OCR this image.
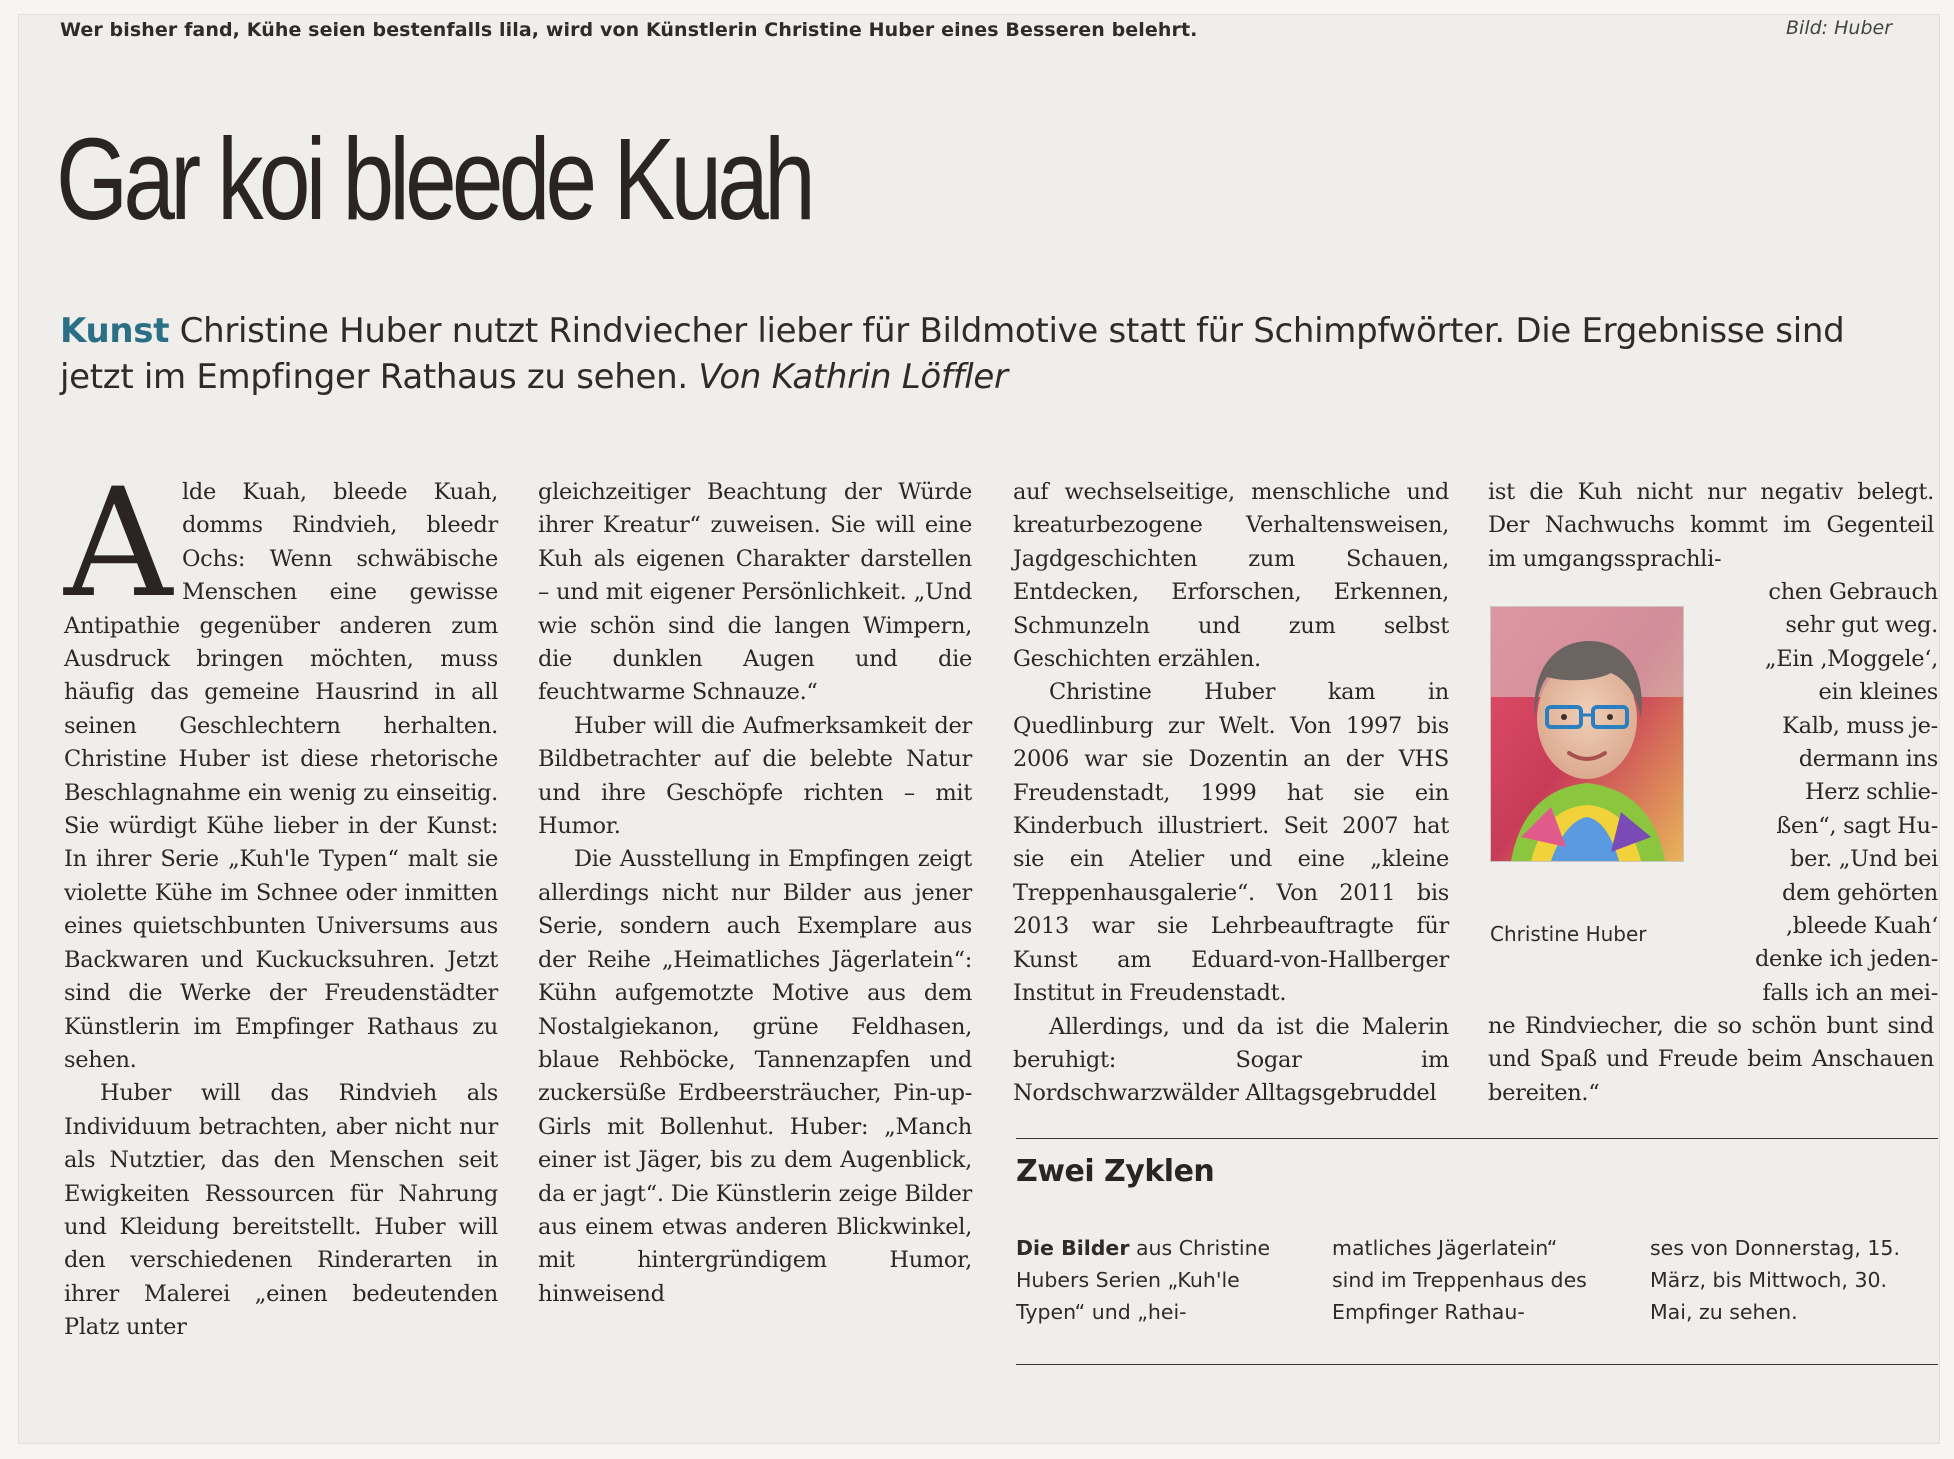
Wer bisher fand, Kühe seien bestenfalls lila, wird von Künstlerin Christine Huber eines Besseren belehrt.	Bild: Huber
Gar koi bleede Kuah
Kunst Christine Huber nutzt Rindviecher lieber für Bildmotive statt für Schimpfwörter. Die Ergebnisse sind jetzt im Empfinger Rathaus zu sehen. Von Kathrin Löffler

Alde Kuah, bleede Kuah, domms Rindvieh, bleedr Ochs: Wenn schwäbische Menschen eine gewisse Antipathie gegenüber anderen zum Ausdruck bringen möchten, muss häufig das gemeine Hausrind in all seinen Geschlechtern herhalten. Christine Huber ist diese rhetorische Beschlagnahme ein wenig zu einseitig. Sie würdigt Kühe lieber in der Kunst: In ihrer Serie „Kuh'le Typen“ malt sie violette Kühe im Schnee oder inmitten eines quietschbunten Universums aus Backwaren und Kuckucksuhren. Jetzt sind die Werke der Freudenstädter Künstlerin im Empfinger Rathaus zu sehen.

Huber will das Rindvieh als Individuum betrachten, aber nicht nur als Nutztier, das den Menschen seit Ewigkeiten Ressourcen für Nahrung und Kleidung bereitstellt. Huber will den verschiedenen Rinderarten in ihrer Malerei „einen bedeutenden Platz unter

gleichzeitiger Beachtung der Würde ihrer Kreatur“ zuweisen. Sie will eine Kuh als eigenen Charakter darstellen – und mit eigener Persönlichkeit. „Und wie schön sind die langen Wimpern, die dunklen Augen und die feuchtwarme Schnauze.“

Huber will die Aufmerksamkeit der Bildbetrachter auf die belebte Natur und ihre Geschöpfe richten – mit Humor.

Die Ausstellung in Empfingen zeigt allerdings nicht nur Bilder aus jener Serie, sondern auch Exemplare aus der Reihe „Heimatliches Jägerlatein“: Kühn aufgemotzte Motive aus dem Nostalgiekanon, grüne Feldhasen, blaue Rehböcke, Tannenzapfen und zuckersüße Erdbeersträucher, Pin-up-Girls mit Bollenhut. Huber: „Manch einer ist Jäger, bis zu dem Augenblick, da er jagt“. Die Künstlerin zeige Bilder aus einem etwas anderen Blickwinkel, mit hintergründigem Humor, hinweisend

auf wechselseitige, menschliche und kreaturbezogene Verhaltensweisen, Jagdgeschichten zum Schauen, Entdecken, Erforschen, Erkennen, Schmunzeln und zum selbst Geschichten erzählen.

Christine Huber kam in Quedlinburg zur Welt. Von 1997 bis 2006 war sie Dozentin an der VHS Freudenstadt, 1999 hat sie ein Kinderbuch illustriert. Seit 2007 hat sie ein Atelier und eine „kleine Treppenhausgalerie“. Von 2011 bis 2013 war sie Lehrbeauftragte für Kunst am Eduard-von-Hallberger Institut in Freudenstadt.

Allerdings, und da ist die Malerin beruhigt: Sogar im Nordschwarzwälder Alltagsgebruddel

ist die Kuh nicht nur negativ belegt. Der Nachwuchs kommt im Gegenteil im umgangssprachli-

Christine Huber
chen Gebrauch
sehr gut weg.
„Ein ‚Moggele‘,
ein kleines
Kalb, muss je-
dermann ins
Herz schlie-
ßen“, sagt Hu-
ber. „Und bei
dem gehörten
‚bleede Kuah‘
denke ich jeden-
falls ich an mei-

ne Rindviecher, die so schön bunt sind und Spaß und Freude beim Anschauen bereiten.“

Zwei Zyklen
Die Bilder aus Christine Hubers Serien „Kuh'le Typen“ und „hei-
matliches Jägerlatein“ sind im Treppenhaus des Empfinger Rathau-
ses von Donnerstag, 15. März, bis Mittwoch, 30. Mai, zu sehen.
